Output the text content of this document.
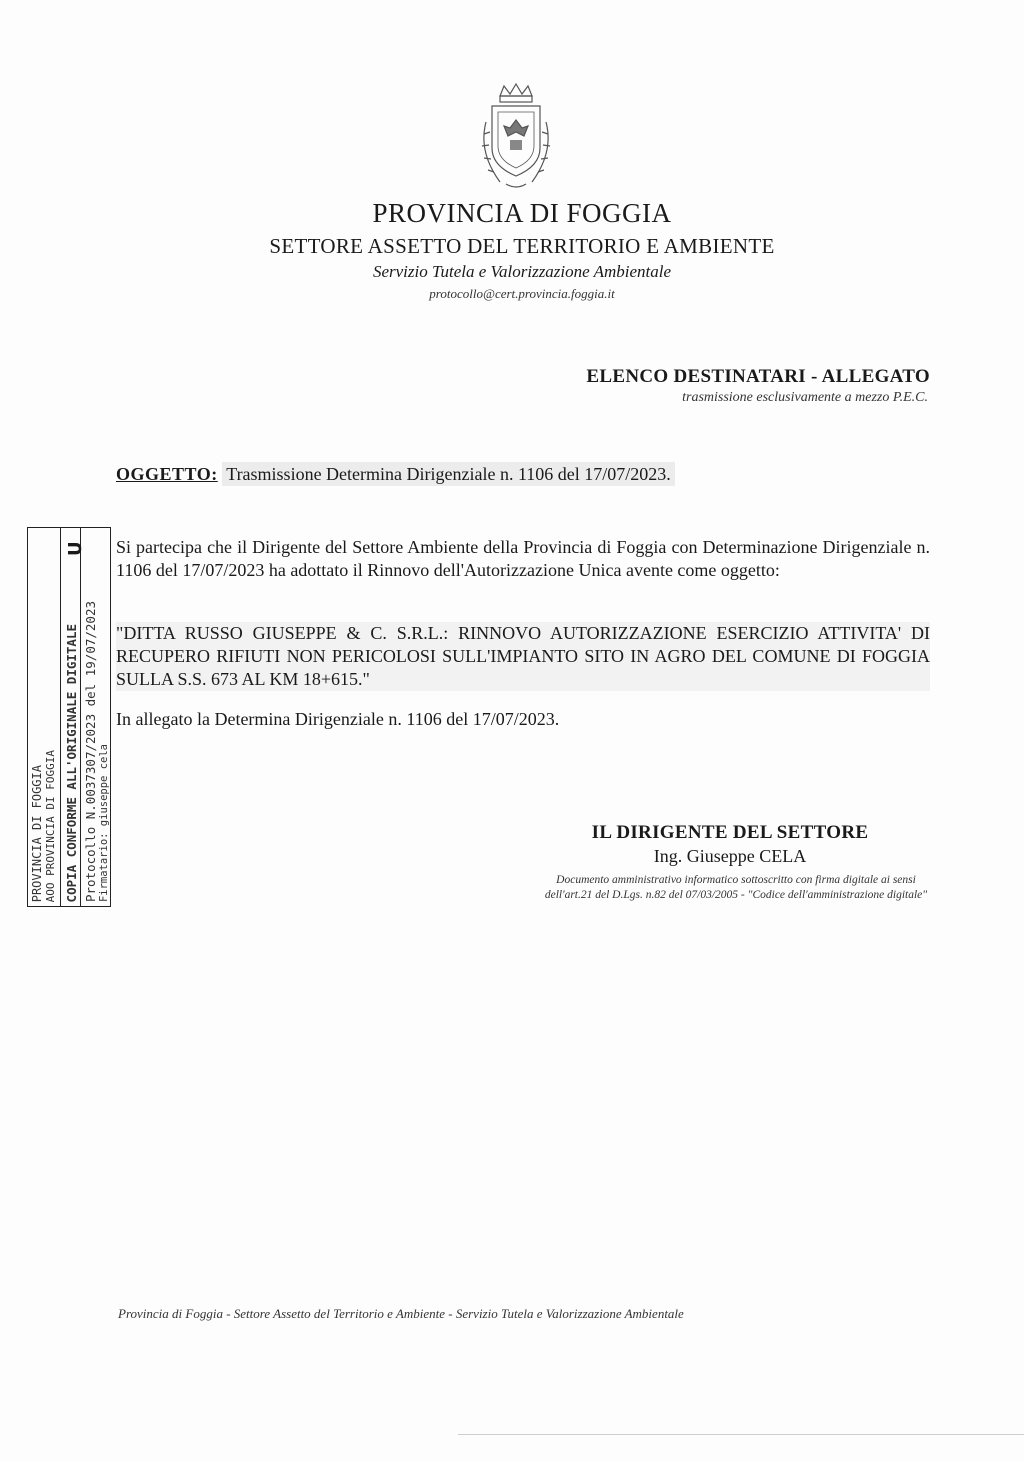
PROVINCIA DI FOGGIA
SETTORE ASSETTO DEL TERRITORIO E AMBIENTE
Servizio Tutela e Valorizzazione Ambientale
protocollo@cert.provincia.foggia.it
ELENCO DESTINATARI - ALLEGATO
trasmissione esclusivamente a mezzo P.E.C.
OGGETTO: Trasmissione Determina Dirigenziale n. 1106 del 17/07/2023.
Si partecipa che il Dirigente del Settore Ambiente della Provincia di Foggia con Determinazione Dirigenziale n. 1106 del 17/07/2023 ha adottato il Rinnovo dell'Autorizzazione Unica avente come oggetto:
"DITTA RUSSO GIUSEPPE & C. S.R.L.: RINNOVO AUTORIZZAZIONE ESERCIZIO ATTIVITA' DI RECUPERO RIFIUTI NON PERICOLOSI SULL'IMPIANTO SITO IN AGRO DEL COMUNE DI FOGGIA SULLA S.S. 673 AL KM 18+615."
In allegato la Determina Dirigenziale n. 1106 del 17/07/2023.
U
PROVINCIA DI FOGGIA AOO PROVINCIA DI FOGGIA COPIA CONFORME ALL'ORIGINALE DIGITALE Protocollo N.0037307/2023 del 19/07/2023 Firmatario: giuseppe cela	IL DIRIGENTE DEL SETTORE
Ing. Giuseppe CELA
Documento amministrativo informatico sottoscritto con firma digitale ai sensi dell'art.21 del D.Lgs. n.82 del 07/03/2005 - "Codice dell'amministrazione digitale"
Provincia di Foggia - Settore Assetto del Territorio e Ambiente - Servizio Tutela e Valorizzazione Ambientale
